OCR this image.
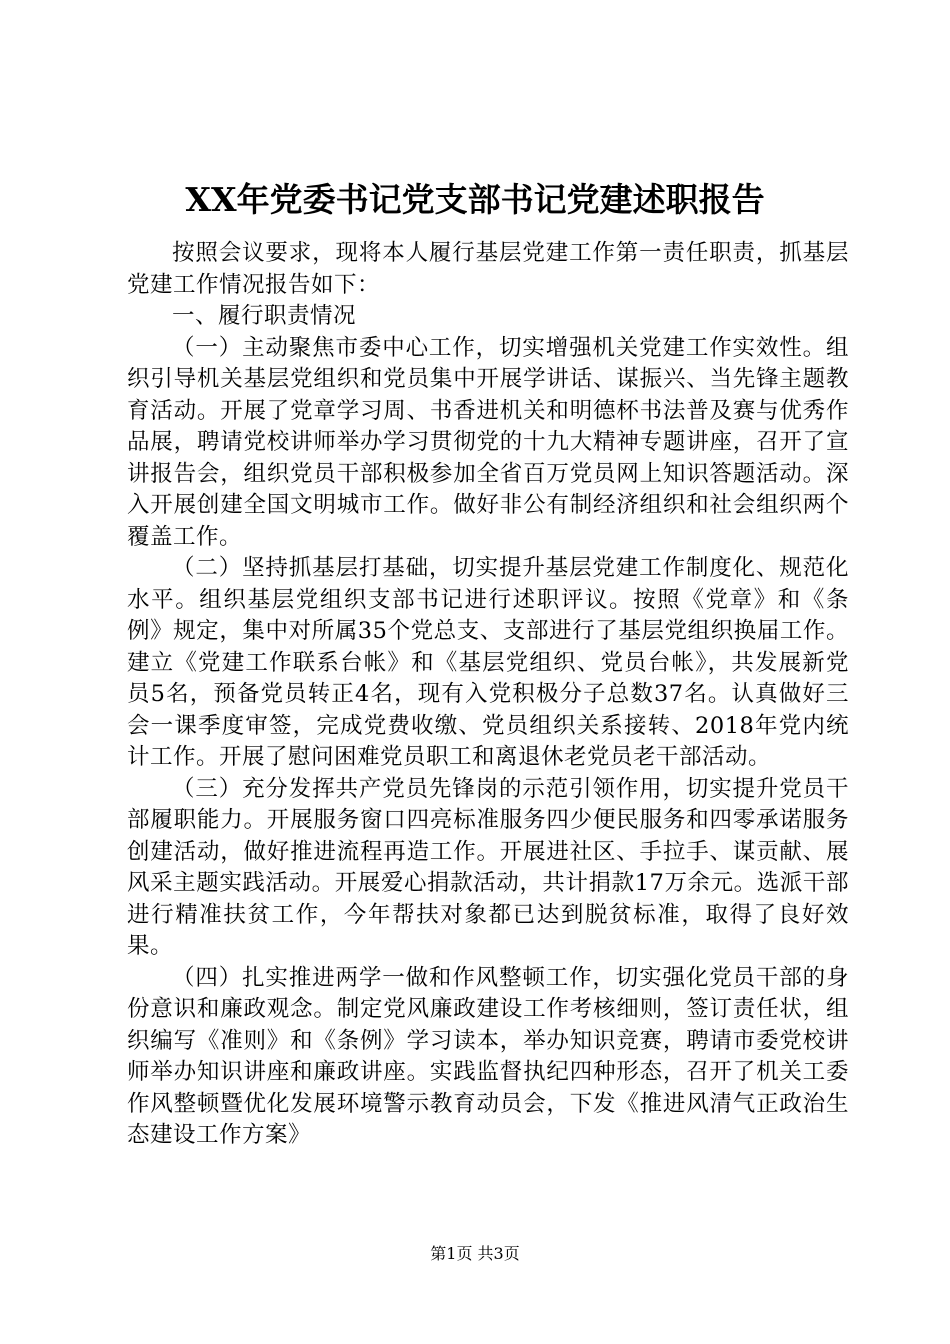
XX年党委书记党支部书记党建述职报告

按照会议要求，现将本人履行基层党建工作第一责任职责，抓基层党建工作情况报告如下：

一、履行职责情况

（一）主动聚焦市委中心工作，切实增强机关党建工作实效性。组织引导机关基层党组织和党员集中开展学讲话、谋振兴、当先锋主题教育活动。开展了党章学习周、书香进机关和明德杯书法普及赛与优秀作品展，聘请党校讲师举办学习贯彻党的十九大精神专题讲座，召开了宣讲报告会，组织党员干部积极参加全省百万党员网上知识答题活动。深入开展创建全国文明城市工作。做好非公有制经济组织和社会组织两个覆盖工作。

（二）坚持抓基层打基础，切实提升基层党建工作制度化、规范化水平。组织基层党组织支部书记进行述职评议。按照《党章》和《条例》规定，集中对所属35个党总支、支部进行了基层党组织换届工作。建立《党建工作联系台帐》和《基层党组织、党员台帐》，共发展新党员5名，预备党员转正4名，现有入党积极分子总数37名。认真做好三会一课季度审签，完成党费收缴、党员组织关系接转、2018年党内统计工作。开展了慰问困难党员职工和离退休老党员老干部活动。

（三）充分发挥共产党员先锋岗的示范引领作用，切实提升党员干部履职能力。开展服务窗口四亮标准服务四少便民服务和四零承诺服务创建活动，做好推进流程再造工作。开展进社区、手拉手、谋贡献、展风采主题实践活动。开展爱心捐款活动，共计捐款17万余元。选派干部进行精准扶贫工作，今年帮扶对象都已达到脱贫标准，取得了良好效果。

（四）扎实推进两学一做和作风整顿工作，切实强化党员干部的身份意识和廉政观念。制定党风廉政建设工作考核细则，签订责任状，组织编写《准则》和《条例》学习读本，举办知识竞赛，聘请市委党校讲师举办知识讲座和廉政讲座。实践监督执纪四种形态，召开了机关工委作风整顿暨优化发展环境警示教育动员会，下发《推进风清气正政治生态建设工作方案》

第1页 共3页
